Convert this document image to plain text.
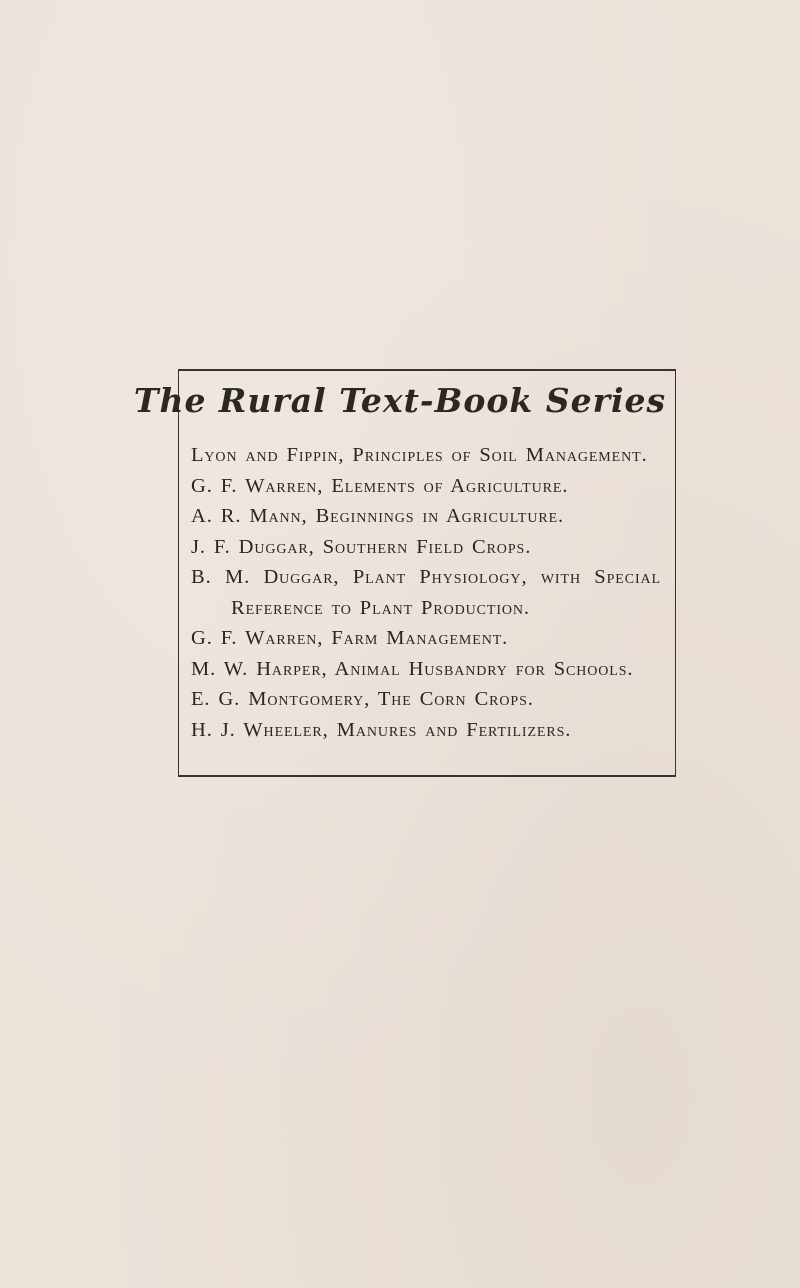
The Rural Text-Book Series
Lyon and Fippin, Principles of Soil Management.
G. F. Warren, Elements of Agriculture.
A. R. Mann, Beginnings in Agriculture.
J. F. Duggar, Southern Field Crops.
B. M. Duggar, Plant Physiology, with Special Reference to Plant Production.
G. F. Warren, Farm Management.
M. W. Harper, Animal Husbandry for Schools.
E. G. Montgomery, The Corn Crops.
H. J. Wheeler, Manures and Fertilizers.
